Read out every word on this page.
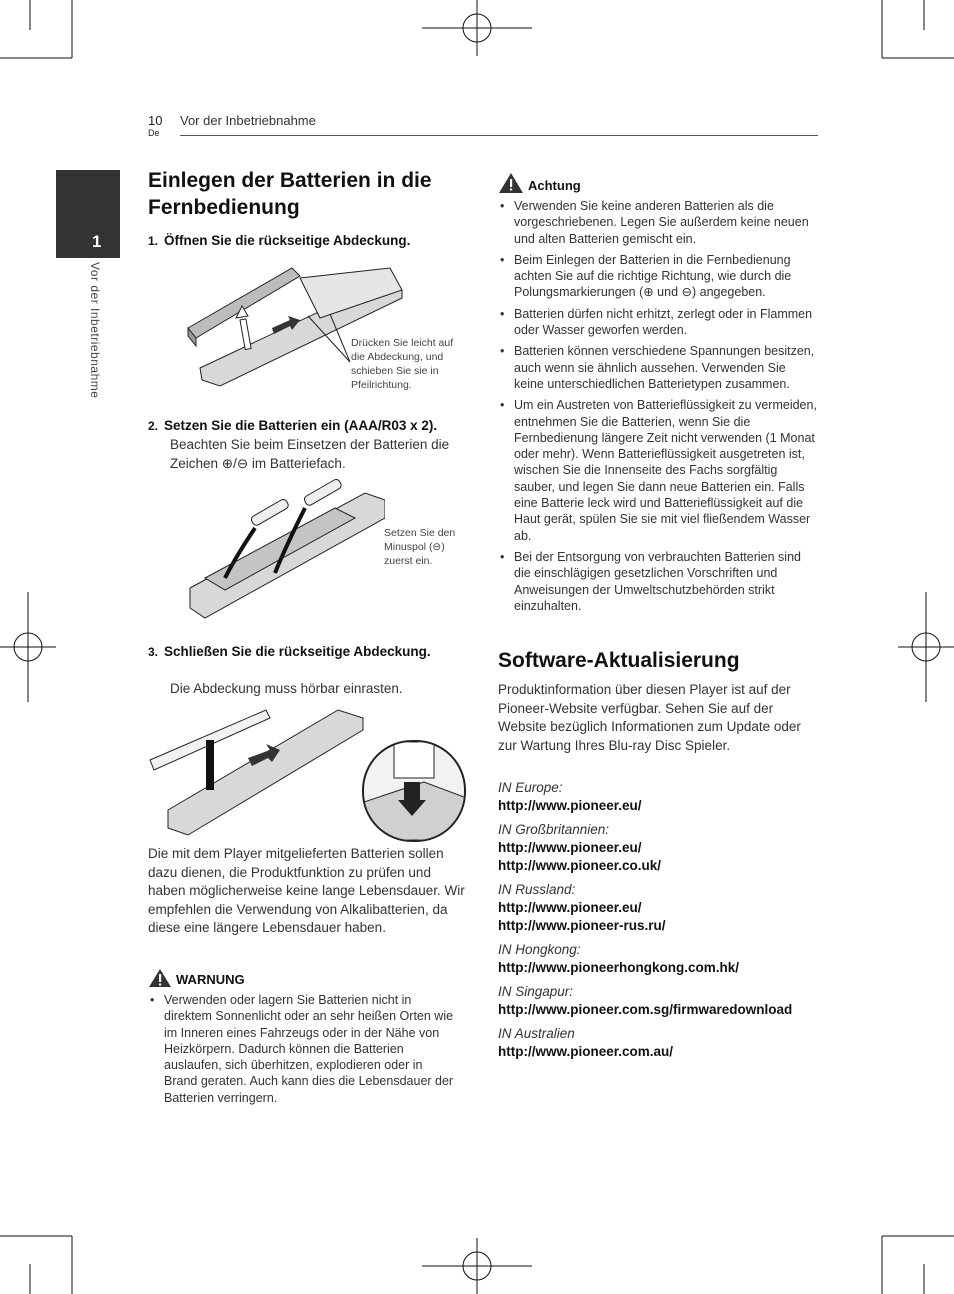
10
De
Vor der Inbetriebnahme
1
Vor der Inbetriebnahme
Einlegen der Batterien in die Fernbedienung
1. Öffnen Sie die rückseitige Abdeckung.
Drücken Sie leicht auf die Abdeckung, und schieben Sie sie in Pfeilrichtung.
2. Setzen Sie die Batterien ein (AAA/R03 x 2).
Beachten Sie beim Einsetzen der Batterien die Zeichen ⊕/⊖ im Batteriefach.
Setzen Sie den Minuspol (⊖) zuerst ein.
3. Schließen Sie die rückseitige Abdeckung.
Die Abdeckung muss hörbar einrasten.
Die mit dem Player mitgelieferten Batterien sollen dazu dienen, die Produktfunktion zu prüfen und haben möglicherweise keine lange Lebensdauer. Wir empfehlen die Verwendung von Alkalibatterien, da diese eine längere Lebensdauer haben.
WARNUNG
• Verwenden oder lagern Sie Batterien nicht in direktem Sonnenlicht oder an sehr heißen Orten wie im Inneren eines Fahrzeugs oder in der Nähe von Heizkörpern. Dadurch können die Batterien auslaufen, sich überhitzen, explodieren oder in Brand geraten. Auch kann dies die Lebensdauer der Batterien verringern.
Achtung
• Verwenden Sie keine anderen Batterien als die vorgeschriebenen. Legen Sie außerdem keine neuen und alten Batterien gemischt ein.
• Beim Einlegen der Batterien in die Fernbedienung achten Sie auf die richtige Richtung, wie durch die Polungsmarkierungen (⊕ und ⊖) angegeben.
• Batterien dürfen nicht erhitzt, zerlegt oder in Flammen oder Wasser geworfen werden.
• Batterien können verschiedene Spannungen besitzen, auch wenn sie ähnlich aussehen. Verwenden Sie keine unterschiedlichen Batterietypen zusammen.
• Um ein Austreten von Batterieflüssigkeit zu vermeiden, entnehmen Sie die Batterien, wenn Sie die Fernbedienung längere Zeit nicht verwenden (1 Monat oder mehr). Wenn Batterieflüssigkeit ausgetreten ist, wischen Sie die Innenseite des Fachs sorgfältig sauber, und legen Sie dann neue Batterien ein. Falls eine Batterie leck wird und Batterieflüssigkeit auf die Haut gerät, spülen Sie sie mit viel fließendem Wasser ab.
• Bei der Entsorgung von verbrauchten Batterien sind die einschlägigen gesetzlichen Vorschriften und Anweisungen der Umweltschutzbehörden strikt einzuhalten.
Software-Aktualisierung
Produktinformation über diesen Player ist auf der Pioneer-Website verfügbar. Sehen Sie auf der Website bezüglich Informationen zum Update oder zur Wartung Ihres Blu-ray Disc Spieler.
IN Europe:
http://www.pioneer.eu/
IN Großbritannien:
http://www.pioneer.eu/
http://www.pioneer.co.uk/
IN Russland:
http://www.pioneer.eu/
http://www.pioneer-rus.ru/
IN Hongkong:
http://www.pioneerhongkong.com.hk/
IN Singapur:
http://www.pioneer.com.sg/firmwaredownload
IN Australien
http://www.pioneer.com.au/
